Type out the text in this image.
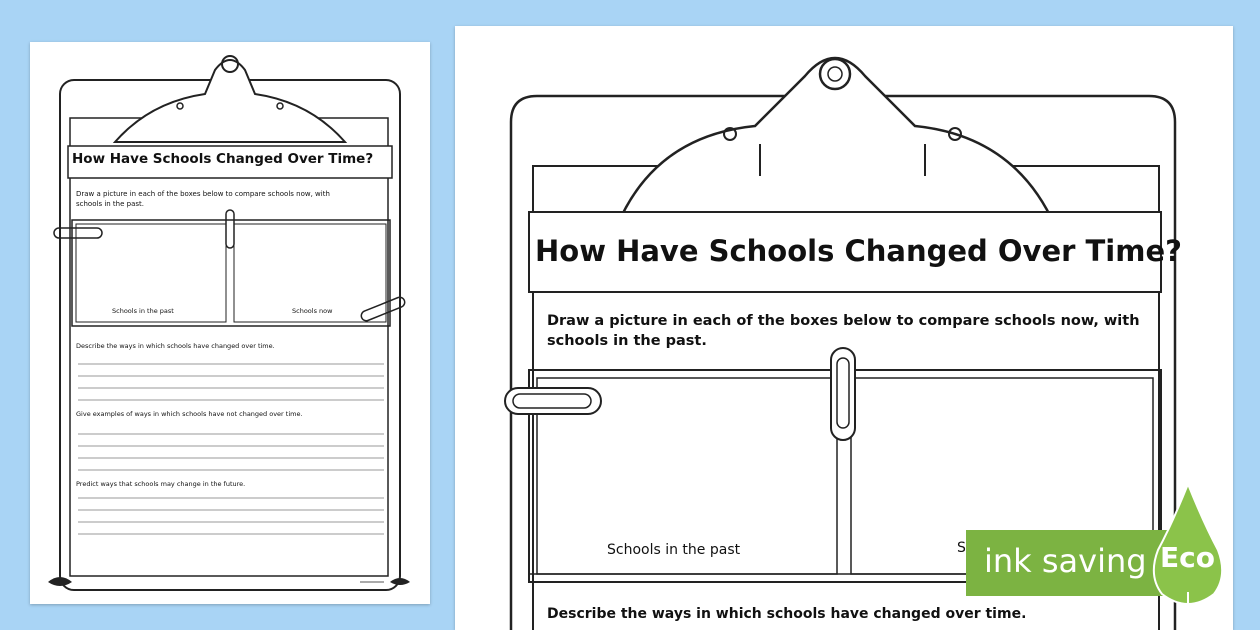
How Have Schools Changed Over Time?
Draw a picture in each of the boxes below to compare schools now, with
schools in the past.
Schools in the past	Schools now
Describe the ways in which schools have changed over time.
Give examples of ways in which schools have not changed over time.
Predict ways that schools may change in the future.
How Have Schools Changed Over Time?
Draw a picture in each of the boxes below to compare schools now, with
schools in the past.
Schools in the past	S
Describe the ways in which schools have changed over time.
ink saving Eco
